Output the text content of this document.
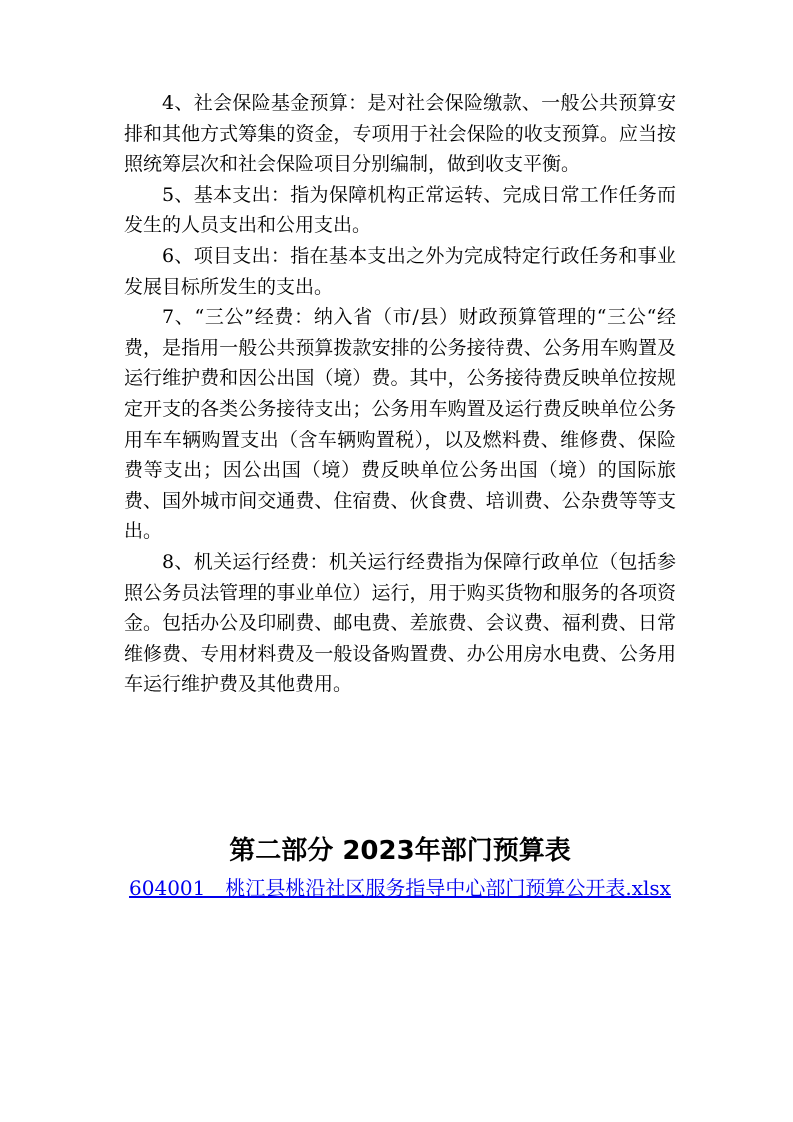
4、社会保险基金预算：是对社会保险缴款、一般公共预算安排和其他方式筹集的资金，专项用于社会保险的收支预算。应当按照统筹层次和社会保险项目分别编制，做到收支平衡。

5、基本支出：指为保障机构正常运转、完成日常工作任务而发生的人员支出和公用支出。

6、项目支出：指在基本支出之外为完成特定行政任务和事业发展目标所发生的支出。

7、“三公”经费：纳入省（市/县）财政预算管理的“三公“经费，是指用一般公共预算拨款安排的公务接待费、公务用车购置及运行维护费和因公出国（境）费。其中，公务接待费反映单位按规定开支的各类公务接待支出；公务用车购置及运行费反映单位公务用车车辆购置支出（含车辆购置税），以及燃料费、维修费、保险费等支出；因公出国（境）费反映单位公务出国（境）的国际旅费、国外城市间交通费、住宿费、伙食费、培训费、公杂费等等支出。

8、机关运行经费：机关运行经费指为保障行政单位（包括参照公务员法管理的事业单位）运行，用于购买货物和服务的各项资金。包括办公及印刷费、邮电费、差旅费、会议费、福利费、日常维修费、专用材料费及一般设备购置费、办公用房水电费、公务用车运行维护费及其他费用。

第二部分 2023年部门预算表
604001　桃江县桃沿社区服务指导中心部门预算公开表.xlsx
